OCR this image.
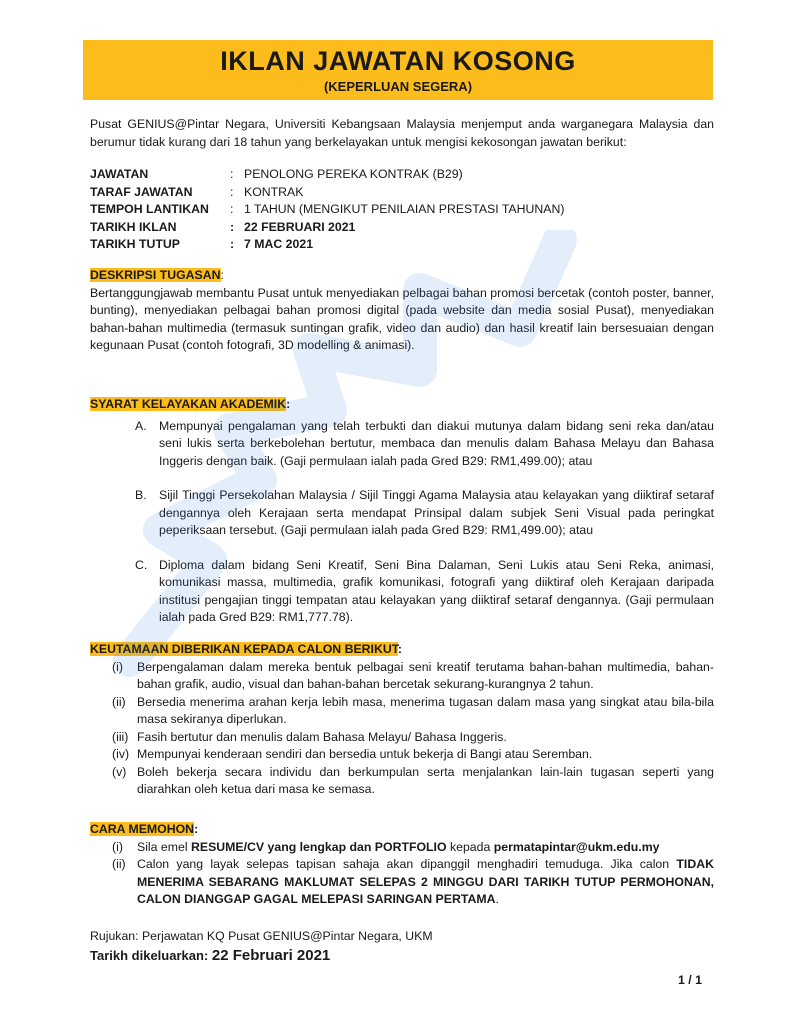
IKLAN JAWATAN KOSONG
(KEPERLUAN SEGERA)
Pusat GENIUS@Pintar Negara, Universiti Kebangsaan Malaysia menjemput anda warganegara Malaysia dan berumur tidak kurang dari 18 tahun yang berkelayakan untuk mengisi kekosongan jawatan berikut:
JAWATAN	: PENOLONG PEREKA KONTRAK (B29)
TARAF JAWATAN	: KONTRAK
TEMPOH LANTIKAN	: 1 TAHUN (MENGIKUT PENILAIAN PRESTASI TAHUNAN)
TARIKH IKLAN	: 22 FEBRUARI 2021
TARIKH TUTUP	: 7 MAC 2021
DESKRIPSI TUGASAN:
Bertanggungjawab membantu Pusat untuk menyediakan pelbagai bahan promosi bercetak (contoh poster, banner, bunting), menyediakan pelbagai bahan promosi digital (pada website dan media sosial Pusat), menyediakan bahan-bahan multimedia (termasuk suntingan grafik, video dan audio) dan hasil kreatif lain bersesuaian dengan kegunaan Pusat (contoh fotografi, 3D modelling & animasi).
SYARAT KELAYAKAN AKADEMIK:
A.	Mempunyai pengalaman yang telah terbukti dan diakui mutunya dalam bidang seni reka dan/atau seni lukis serta berkebolehan bertutur, membaca dan menulis dalam Bahasa Melayu dan Bahasa Inggeris dengan baik. (Gaji permulaan ialah pada Gred B29: RM1,499.00); atau
B.	Sijil Tinggi Persekolahan Malaysia / Sijil Tinggi Agama Malaysia atau kelayakan yang diiktiraf setaraf dengannya oleh Kerajaan serta mendapat Prinsipal dalam subjek Seni Visual pada peringkat peperiksaan tersebut. (Gaji permulaan ialah pada Gred B29: RM1,499.00); atau
C. Diploma dalam bidang Seni Kreatif, Seni Bina Dalaman, Seni Lukis atau Seni Reka, animasi, komunikasi massa, multimedia, grafik komunikasi, fotografi yang diiktiraf oleh Kerajaan daripada institusi pengajian tinggi tempatan atau kelayakan yang diiktiraf setaraf dengannya. (Gaji permulaan ialah pada Gred B29: RM1,777.78).
KEUTAMAAN DIBERIKAN KEPADA CALON BERIKUT:
(i)	Berpengalaman dalam mereka bentuk pelbagai seni kreatif terutama bahan-bahan multimedia, bahan-bahan grafik, audio, visual dan bahan-bahan bercetak sekurang-kurangnya 2 tahun.
(ii) Bersedia menerima arahan kerja lebih masa, menerima tugasan dalam masa yang singkat atau bila-bila masa sekiranya diperlukan.
(iii) Fasih bertutur dan menulis dalam Bahasa Melayu/ Bahasa Inggeris.
(iv) Mempunyai kenderaan sendiri dan bersedia untuk bekerja di Bangi atau Seremban.
(v) Boleh bekerja secara individu dan berkumpulan serta menjalankan lain-lain tugasan seperti yang diarahkan oleh ketua dari masa ke semasa.
CARA MEMOHON:
(i)	Sila emel RESUME/CV yang lengkap dan PORTFOLIO kepada permatapintar@ukm.edu.my
(ii) Calon yang layak selepas tapisan sahaja akan dipanggil menghadiri temuduga. Jika calon TIDAK MENERIMA SEBARANG MAKLUMAT SELEPAS 2 MINGGU DARI TARIKH TUTUP PERMOHONAN, CALON DIANGGAP GAGAL MELEPASI SARINGAN PERTAMA.
Rujukan: Perjawatan KQ Pusat GENIUS@Pintar Negara, UKM
Tarikh dikeluarkan: 22 Februari 2021
1 / 1
